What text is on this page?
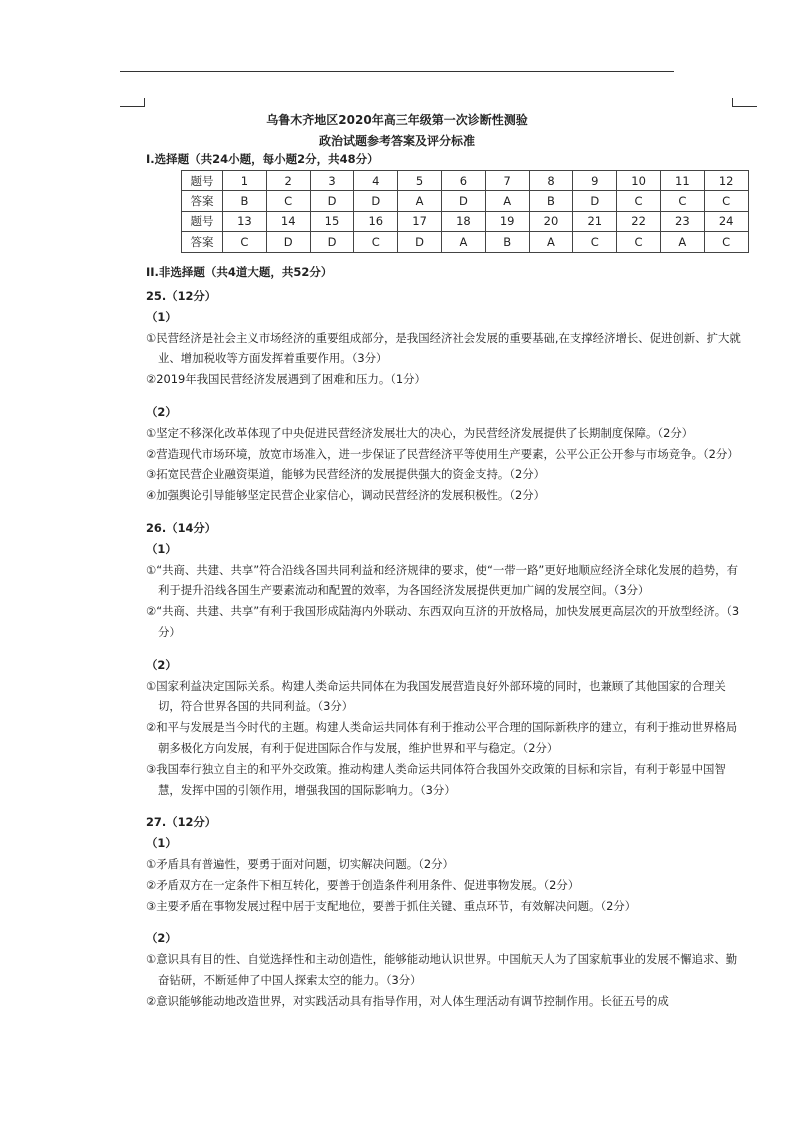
乌鲁木齐地区2020年高三年级第一次诊断性测验
政治试题参考答案及评分标准
I.选择题（共24小题，每小题2分，共48分）
题号	1	2	3	4	5	6	7	8	9	10	11	12
答案	B	C	D	D	A	D	A	B	D	C	C	C
题号	13	14	15	16	17	18	19	20	21	22	23	24
答案	C	D	D	C	D	A	B	A	C	C	A	C
II.非选择题（共4道大题，共52分）
25.（12分）
（1）
①民营经济是社会主义市场经济的重要组成部分，是我国经济社会发展的重要基础,在支撑经济增长、促进创新、扩大就业、增加税收等方面发挥着重要作用。（3分）
②2019年我国民营经济发展遇到了困难和压力。（1分）
（2）
①坚定不移深化改革体现了中央促进民营经济发展壮大的决心，为民营经济发展提供了长期制度保障。（2分）
②营造现代市场环境，放宽市场准入，进一步保证了民营经济平等使用生产要素，公平公正公开参与市场竞争。（2分）
③拓宽民营企业融资渠道，能够为民营经济的发展提供强大的资金支持。（2分）
④加强舆论引导能够坚定民营企业家信心，调动民营经济的发展积极性。（2分）
26.（14分）
（1）
①“共商、共建、共享”符合沿线各国共同利益和经济规律的要求，使“一带一路”更好地顺应经济全球化发展的趋势，有利于提升沿线各国生产要素流动和配置的效率，为各国经济发展提供更加广阔的发展空间。（3分）
②“共商、共建、共享”有利于我国形成陆海内外联动、东西双向互济的开放格局，加快发展更高层次的开放型经济。（3分）
（2）
①国家利益决定国际关系。构建人类命运共同体在为我国发展营造良好外部环境的同时，也兼顾了其他国家的合理关切，符合世界各国的共同利益。（3分）
②和平与发展是当今时代的主题。构建人类命运共同体有利于推动公平合理的国际新秩序的建立，有利于推动世界格局朝多极化方向发展，有利于促进国际合作与发展，维护世界和平与稳定。（2分）
③我国奉行独立自主的和平外交政策。推动构建人类命运共同体符合我国外交政策的目标和宗旨，有利于彰显中国智慧，发挥中国的引领作用，增强我国的国际影响力。（3分）
27.（12分）
（1）
①矛盾具有普遍性，要勇于面对问题，切实解决问题。（2分）
②矛盾双方在一定条件下相互转化，要善于创造条件利用条件、促进事物发展。（2分）
③主要矛盾在事物发展过程中居于支配地位，要善于抓住关键、重点环节，有效解决问题。（2分）
（2）
①意识具有目的性、自觉选择性和主动创造性，能够能动地认识世界。中国航天人为了国家航事业的发展不懈追求、勤奋钻研，不断延伸了中国人探索太空的能力。（3分）
②意识能够能动地改造世界，对实践活动具有指导作用，对人体生理活动有调节控制作用。长征五号的成
